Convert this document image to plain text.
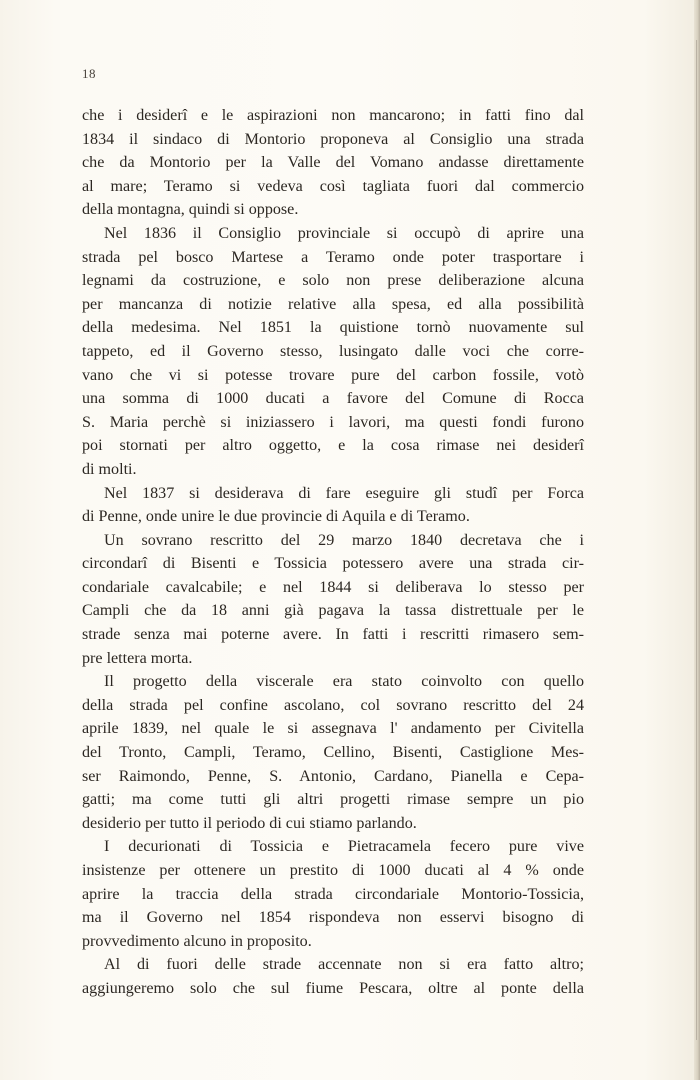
18

che i desiderî e le aspirazioni non mancarono; in fatti fino dal
1834 il sindaco di Montorio proponeva al Consiglio una strada
che da Montorio per la Valle del Vomano andasse direttamente
al mare; Teramo si vedeva così tagliata fuori dal commercio
della montagna, quindi si oppose.

Nel 1836 il Consiglio provinciale si occupò di aprire una
strada pel bosco Martese a Teramo onde poter trasportare i
legnami da costruzione, e solo non prese deliberazione alcuna
per mancanza di notizie relative alla spesa, ed alla possibilità
della medesima. Nel 1851 la quistione tornò nuovamente sul
tappeto, ed il Governo stesso, lusingato dalle voci che corre-
vano che vi si potesse trovare pure del carbon fossile, votò
una somma di 1000 ducati a favore del Comune di Rocca
S. Maria perchè si iniziassero i lavori, ma questi fondi furono
poi stornati per altro oggetto, e la cosa rimase nei desiderî
di molti.

Nel 1837 si desiderava di fare eseguire gli studî per Forca
di Penne, onde unire le due provincie di Aquila e di Teramo.

Un sovrano rescritto del 29 marzo 1840 decretava che i
circondarî di Bisenti e Tossicia potessero avere una strada cir-
condariale cavalcabile; e nel 1844 si deliberava lo stesso per
Campli che da 18 anni già pagava la tassa distrettuale per le
strade senza mai poterne avere. In fatti i rescritti rimasero sem-
pre lettera morta.

Il progetto della viscerale era stato coinvolto con quello
della strada pel confine ascolano, col sovrano rescritto del 24
aprile 1839, nel quale le si assegnava l' andamento per Civitella
del Tronto, Campli, Teramo, Cellino, Bisenti, Castiglione Mes-
ser Raimondo, Penne, S. Antonio, Cardano, Pianella e Cepa-
gatti; ma come tutti gli altri progetti rimase sempre un pio
desiderio per tutto il periodo di cui stiamo parlando.

I decurionati di Tossicia e Pietracamela fecero pure vive
insistenze per ottenere un prestito di 1000 ducati al 4 % onde
aprire la traccia della strada circondariale Montorio-Tossicia,
ma il Governo nel 1854 rispondeva non esservi bisogno di
provvedimento alcuno in proposito.

Al di fuori delle strade accennate non si era fatto altro;
aggiungeremo solo che sul fiume Pescara, oltre al ponte della
